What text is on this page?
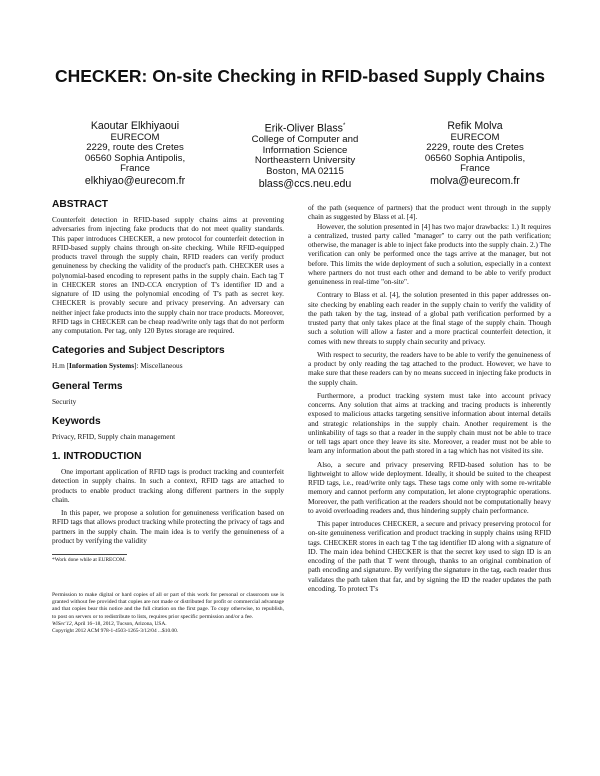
CHECKER: On-site Checking in RFID-based Supply Chains
Kaoutar Elkhiyaoui
EURECOM
2229, route des Cretes
06560 Sophia Antipolis,
France
elkhiyao@eurecom.fr
Erik-Oliver Blass*
College of Computer and
Information Science
Northeastern University
Boston, MA 02115
blass@ccs.neu.edu
Refik Molva
EURECOM
2229, route des Cretes
06560 Sophia Antipolis,
France
molva@eurecom.fr
ABSTRACT

Counterfeit detection in RFID-based supply chains aims at preventing adversaries from injecting fake products that do not meet quality standards. This paper introduces CHECKER, a new protocol for counterfeit detection in RFID-based supply chains through on-site checking. While RFID-equipped products travel through the supply chain, RFID readers can verify product genuineness by checking the validity of the product's path. CHECKER uses a polynomial-based encoding to represent paths in the supply chain. Each tag T in CHECKER stores an IND-CCA encryption of T's identifier ID and a signature of ID using the polynomial encoding of T's path as secret key. CHECKER is provably secure and privacy preserving. An adversary can neither inject fake products into the supply chain nor trace products. Moreover, RFID tags in CHECKER can be cheap read/write only tags that do not perform any computation. Per tag, only 120 Bytes storage are required.

Categories and Subject Descriptors

H.m [Information Systems]: Miscellaneous

General Terms

Security

Keywords

Privacy, RFID, Supply chain management

1. INTRODUCTION

One important application of RFID tags is product tracking and counterfeit detection in supply chains. In such a context, RFID tags are attached to products to enable product tracking along different partners in the supply chain.

In this paper, we propose a solution for genuineness verification based on RFID tags that allows product tracking while protecting the privacy of tags and partners in the supply chain. The main idea is to verify the genuineness of a product by verifying the validity

*Work done while at EURECOM.

Permission to make digital or hard copies of all or part of this work for personal or classroom use is granted without fee provided that copies are not made or distributed for profit or commercial advantage and that copies bear this notice and the full citation on the first page. To copy otherwise, to republish, to post on servers or to redistribute to lists, requires prior specific permission and/or a fee.

WiSec'12, April 16–18, 2012, Tucson, Arizona, USA.

Copyright 2012 ACM 978-1-4503-1265-3/12/04 ...$10.00.

of the path (sequence of partners) that the product went through in the supply chain as suggested by Blass et al. [4].

However, the solution presented in [4] has two major drawbacks: 1.) It requires a centralized, trusted party called "manager" to carry out the path verification; otherwise, the manager is able to inject fake products into the supply chain. 2.) The verification can only be performed once the tags arrive at the manager, but not before. This limits the wide deployment of such a solution, especially in a context where partners do not trust each other and demand to be able to verify product genuineness in real-time "on-site".

Contrary to Blass et al. [4], the solution presented in this paper addresses on-site checking by enabling each reader in the supply chain to verify the validity of the path taken by the tag, instead of a global path verification performed by a trusted party that only takes place at the final stage of the supply chain. Though such a solution will allow a faster and a more practical counterfeit detection, it comes with new threats to supply chain security and privacy.

With respect to security, the readers have to be able to verify the genuineness of a product by only reading the tag attached to the product. However, we have to make sure that these readers can by no means succeed in injecting fake products in the supply chain.

Furthermore, a product tracking system must take into account privacy concerns. Any solution that aims at tracking and tracing products is inherently exposed to malicious attacks targeting sensitive information about internal details and strategic relationships in the supply chain. Another requirement is the unlinkability of tags so that a reader in the supply chain must not be able to trace or tell tags apart once they leave its site. Moreover, a reader must not be able to learn any information about the path stored in a tag which has not visited its site.

Also, a secure and privacy preserving RFID-based solution has to be lightweight to allow wide deployment. Ideally, it should be suited to the cheapest RFID tags, i.e., read/write only tags. These tags come only with some re-writable memory and cannot perform any computation, let alone cryptographic operations. Moreover, the path verification at the readers should not be computationally heavy to avoid overloading readers and, thus hindering supply chain performance.

This paper introduces CHECKER, a secure and privacy preserving protocol for on-site genuineness verification and product tracking in supply chains using RFID tags. CHECKER stores in each tag T the tag identifier ID along with a signature of ID. The main idea behind CHECKER is that the secret key used to sign ID is an encoding of the path that T went through, thanks to an original combination of path encoding and signature. By verifying the signature in the tag, each reader thus validates the path taken that far, and by signing the ID the reader updates the path encoding. To protect T's
